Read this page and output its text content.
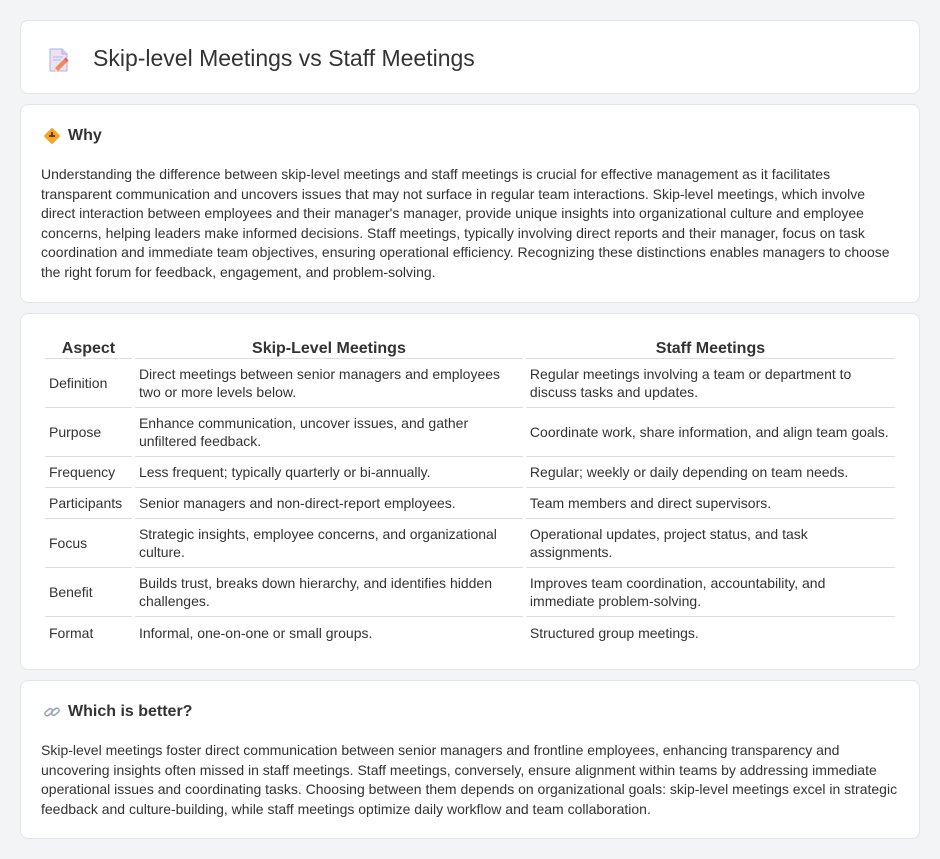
Skip-level Meetings vs Staff Meetings
Why

Understanding the difference between skip-level meetings and staff meetings is crucial for effective management as it facilitates transparent communication and uncovers issues that may not surface in regular team interactions. Skip-level meetings, which involve direct interaction between employees and their manager's manager, provide unique insights into organizational culture and employee concerns, helping leaders make informed decisions. Staff meetings, typically involving direct reports and their manager, focus on task coordination and immediate team objectives, ensuring operational efficiency. Recognizing these distinctions enables managers to choose the right forum for feedback, engagement, and problem-solving.

Aspect	Skip-Level Meetings	Staff Meetings
Definition	Direct meetings between senior managers and employees two or more levels below.	Regular meetings involving a team or department to discuss tasks and updates.
Purpose	Enhance communication, uncover issues, and gather unfiltered feedback.	Coordinate work, share information, and align team goals.
Frequency	Less frequent; typically quarterly or bi-annually.	Regular; weekly or daily depending on team needs.
Participants	Senior managers and non-direct-report employees.	Team members and direct supervisors.
Focus	Strategic insights, employee concerns, and organizational culture.	Operational updates, project status, and task assignments.
Benefit	Builds trust, breaks down hierarchy, and identifies hidden challenges.	Improves team coordination, accountability, and immediate problem-solving.
Format	Informal, one-on-one or small groups.	Structured group meetings.
Which is better?

Skip-level meetings foster direct communication between senior managers and frontline employees, enhancing transparency and uncovering insights often missed in staff meetings. Staff meetings, conversely, ensure alignment within teams by addressing immediate operational issues and coordinating tasks. Choosing between them depends on organizational goals: skip-level meetings excel in strategic feedback and culture-building, while staff meetings optimize daily workflow and team collaboration.
